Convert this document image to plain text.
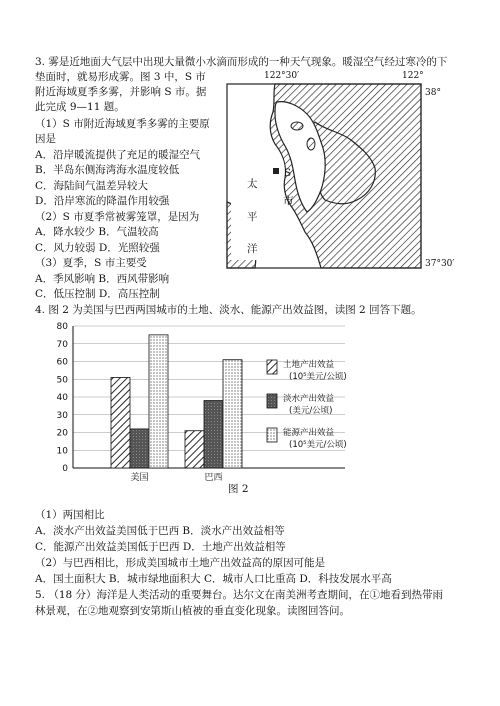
3. 雾是近地面大气层中出现大量微小水滴而形成的一种天气现象。暖湿空气经过寒冷的下
垫面时，就易形成雾。图 3 中，S 市
附近海域夏季多雾，并影响 S 市。据
此完成 9—11 题。
（1）S 市附近海域夏季多雾的主要原
因是
A．沿岸暖流提供了充足的暖湿空气
B．半岛东侧海湾海水温度较低
C．海陆间气温差异较大
D．沿岸寒流的降温作用较强
（2）S 市夏季常被雾笼罩，是因为
A．降水较少 B．气温较高
C．风力较弱 D．光照较强
（3）夏季，S 市主要受
A．季风影响 B．西风带影响
C．低压控制 D．高压控制
122°30′	122°
38°
37°30′
太
平
洋
S
市
4. 图 2 为美国与巴西两国城市的土地、淡水、能源产出效益图，读图 2 回答下题。
0
10
20
30
40
50
60
70
80
美国	巴西
土地产出效益
(10⁵美元/公顷)
淡水产出效益
(美元/公顷)
能源产出效益
(10⁵美元/公顷)
图 2
（1）两国相比
A．淡水产出效益美国低于巴西 B．淡水产出效益相等
C．能源产出效益美国低于巴西 D．土地产出效益相等
（2）与巴西相比，形成美国城市土地产出效益高的原因可能是
A．国土面积大 B．城市绿地面积大 C．城市人口比重高 D．科技发展水平高
5. （18 分）海洋是人类活动的重要舞台。达尔文在南美洲考查期间，在①地看到热带雨
林景观，在②地观察到安第斯山植被的垂直变化现象。读图回答问。
